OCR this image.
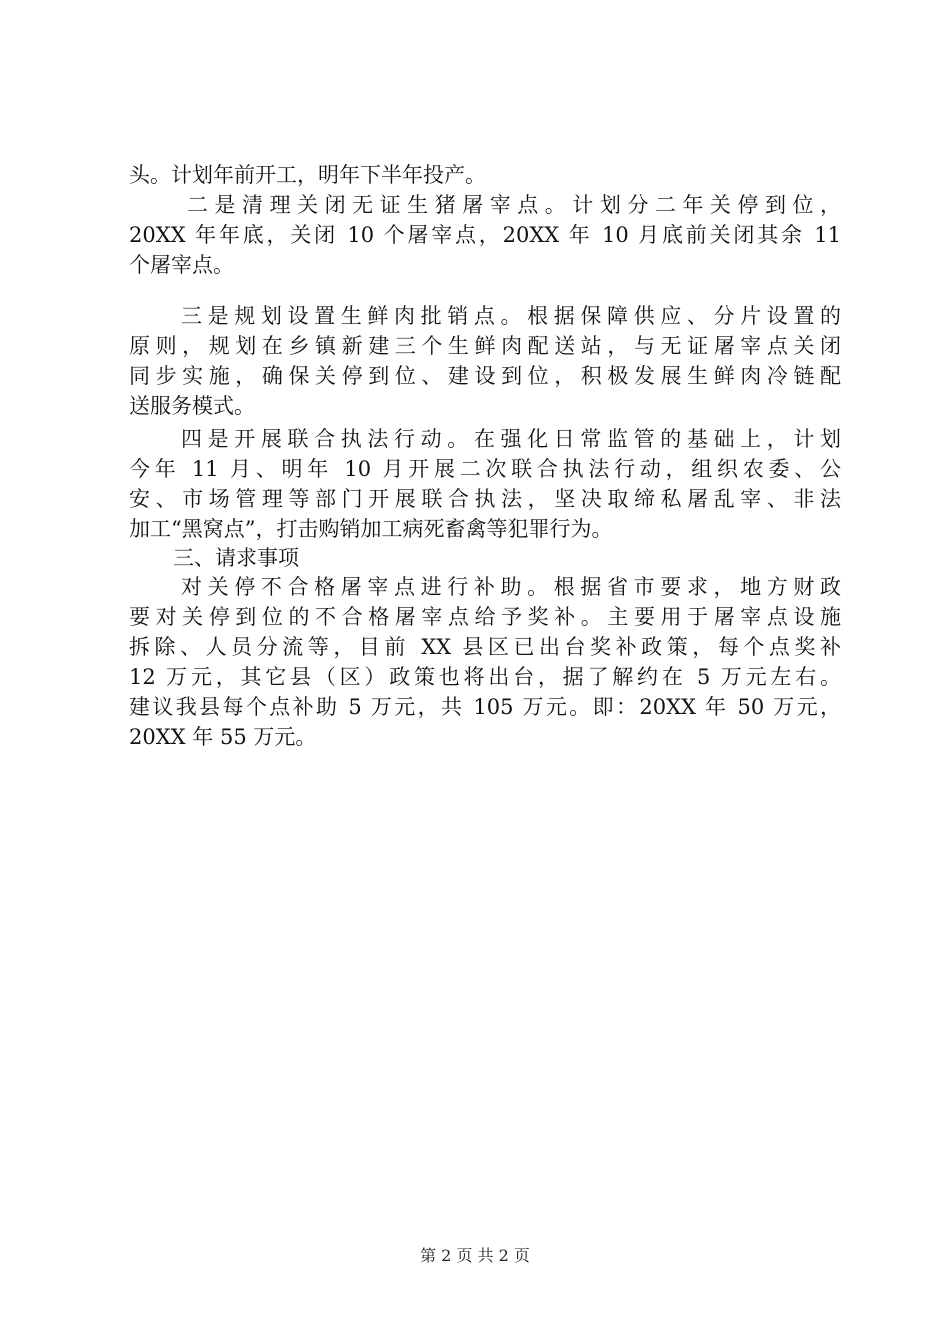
头。计划年前开工，明年下半年投产。
二是清理关闭无证生猪屠宰点。计划分二年关停到位，
20XX 年年底，关闭 10 个屠宰点，20XX 年 10 月底前关闭其余 11
个屠宰点。
三是规划设置生鲜肉批销点。根据保障供应、分片设置的
原则，规划在乡镇新建三个生鲜肉配送站，与无证屠宰点关闭
同步实施，确保关停到位、建设到位，积极发展生鲜肉冷链配
送服务模式。
四是开展联合执法行动。在强化日常监管的基础上，计划
今年 11 月、明年 10 月开展二次联合执法行动，组织农委、公
安、市场管理等部门开展联合执法，坚决取缔私屠乱宰、非法
加工“黑窝点”，打击购销加工病死畜禽等犯罪行为。
三、请求事项
对关停不合格屠宰点进行补助。根据省市要求，地方财政
要对关停到位的不合格屠宰点给予奖补。主要用于屠宰点设施
拆除、人员分流等，目前 XX 县区已出台奖补政策，每个点奖补
12 万元，其它县（区）政策也将出台，据了解约在 5 万元左右。
建议我县每个点补助 5 万元，共 105 万元。即：20XX 年 50 万元，
20XX 年 55 万元。
第 2 页 共 2 页
